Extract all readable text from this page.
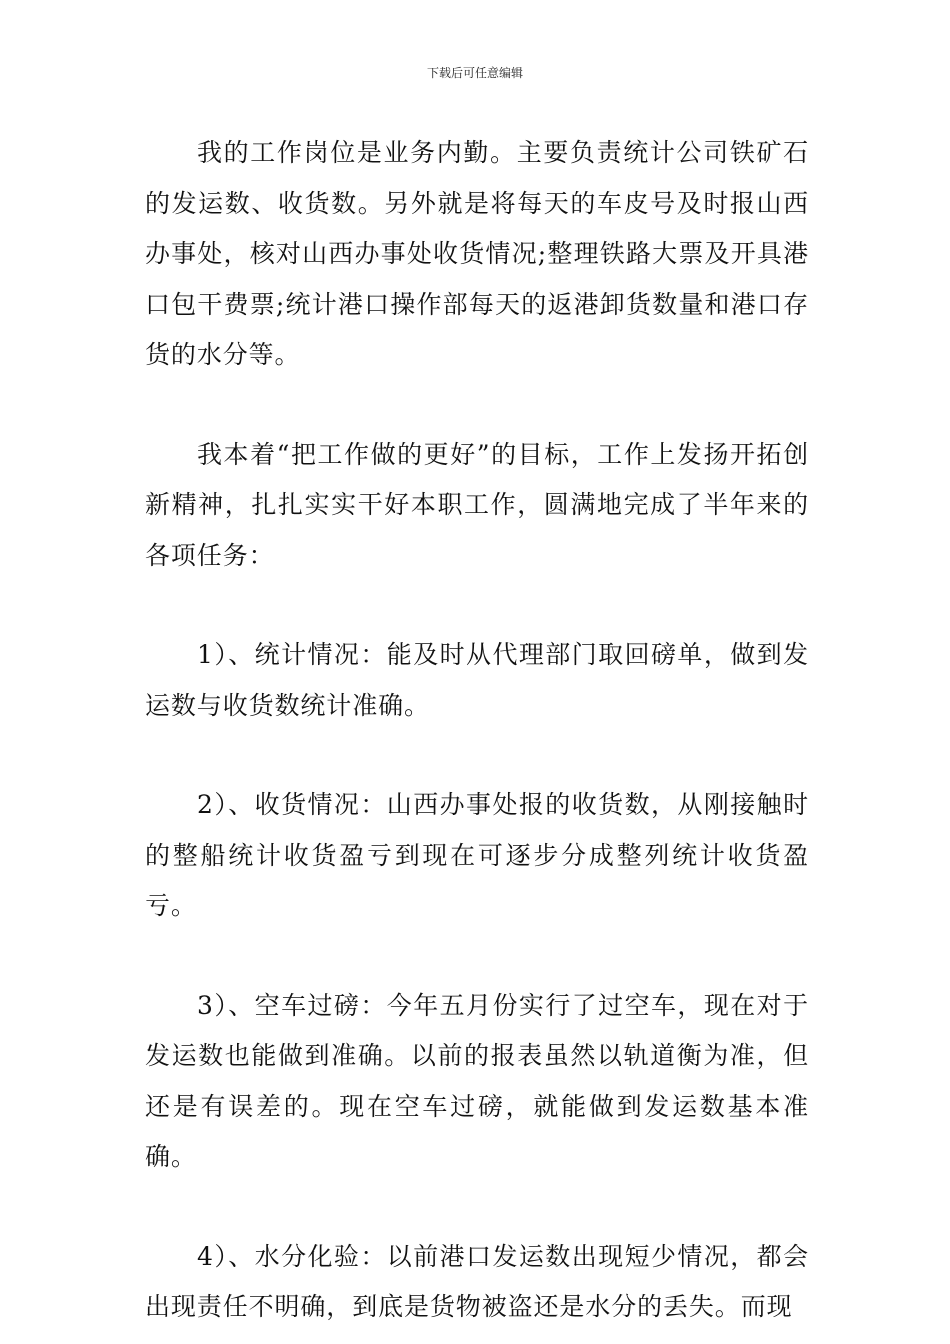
下载后可任意编辑

我的工作岗位是业务内勤。主要负责统计公司铁矿石的发运数、收货数。另外就是将每天的车皮号及时报山西办事处，核对山西办事处收货情况;整理铁路大票及开具港口包干费票;统计港口操作部每天的返港卸货数量和港口存货的水分等。

我本着“把工作做的更好”的目标，工作上发扬开拓创新精神，扎扎实实干好本职工作，圆满地完成了半年来的各项任务：

1）、统计情况：能及时从代理部门取回磅单，做到发运数与收货数统计准确。

2）、收货情况：山西办事处报的收货数，从刚接触时的整船统计收货盈亏到现在可逐步分成整列统计收货盈亏。

3）、空车过磅：今年五月份实行了过空车，现在对于发运数也能做到准确。以前的报表虽然以轨道衡为准，但还是有误差的。现在空车过磅，就能做到发运数基本准确。

4）、水分化验：以前港口发运数出现短少情况，都会出现责任不明确，到底是货物被盗还是水分的丢失。而现
